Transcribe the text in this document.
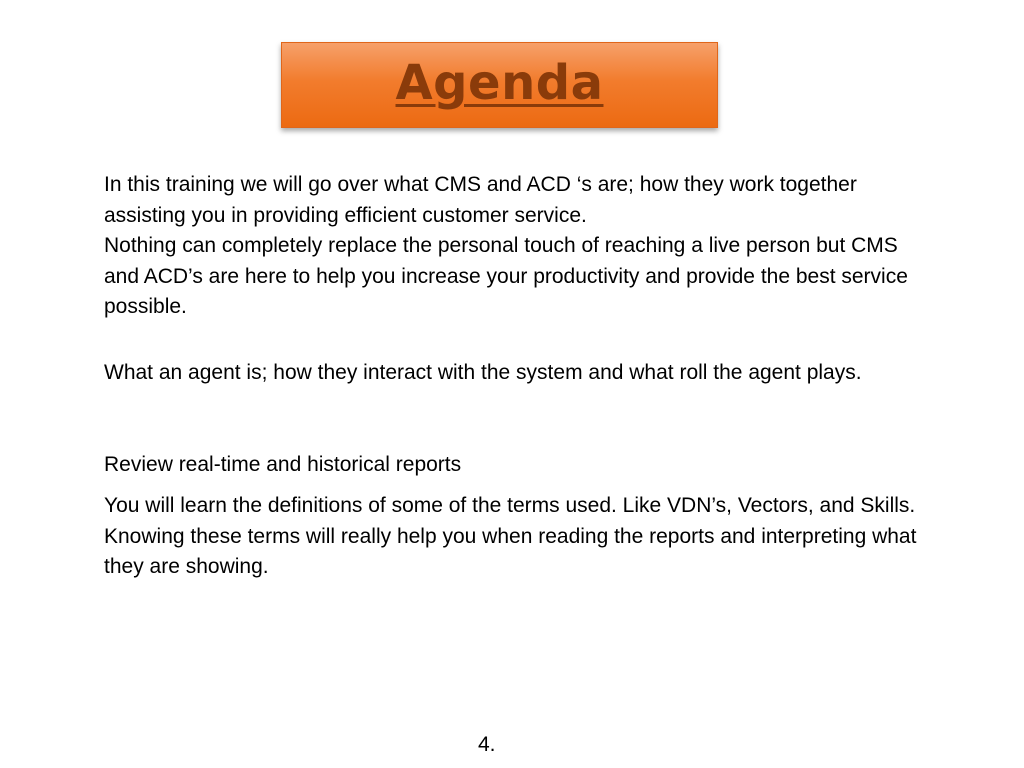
Agenda
In this training we will go over what CMS and ACD ‘s are; how they work together assisting you in providing efficient customer service.
Nothing can completely replace the personal touch of reaching a live person but CMS and ACD’s are here to help you increase your productivity and provide the best service possible.

What an agent is; how they interact with the system and what roll the agent plays.

Review real-time and historical reports

You will learn the definitions of some of the terms used. Like VDN’s, Vectors, and Skills. Knowing these terms will really help you when reading the reports and interpreting what they are showing.

4.
